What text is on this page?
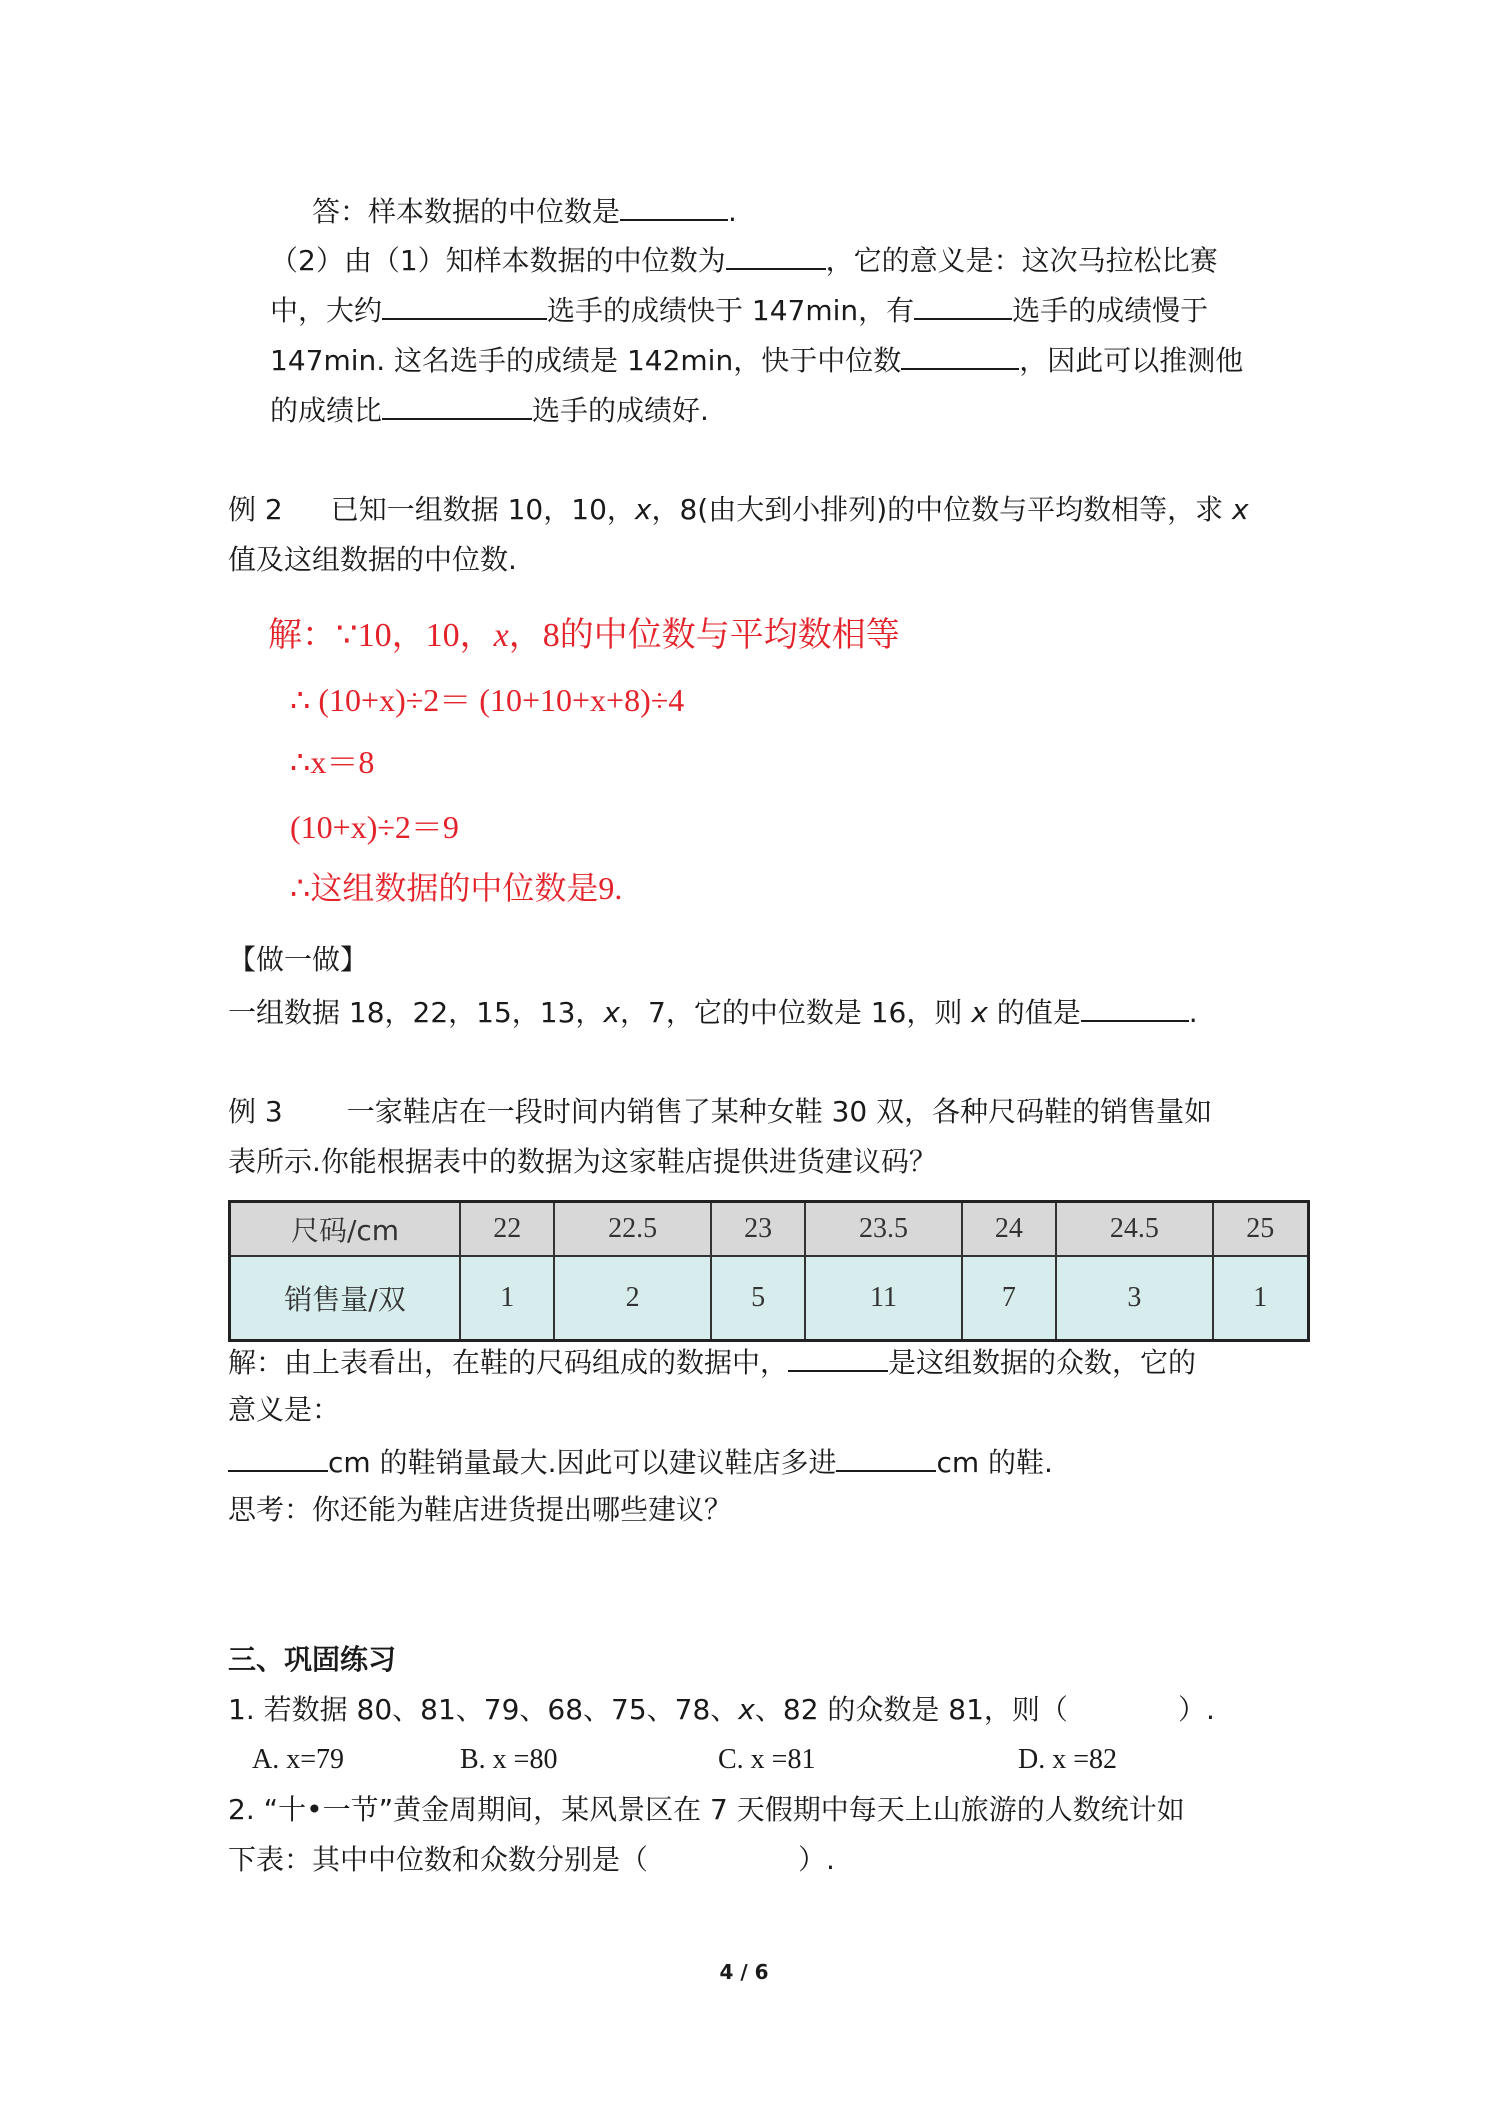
答：样本数据的中位数是	.
（2）由（1）知样本数据的中位数为	，它的意义是：这次马拉松比赛
中，大约	选手的成绩快于 147min，有	选手的成绩慢于
147min. 这名选手的成绩是 142min，快于中位数	，因此可以推测他
的成绩比	选手的成绩好.
例 2 已知一组数据 10，10，x，8(由大到小排列)的中位数与平均数相等，求 x
值及这组数据的中位数.
解：∵10，10，x，8的中位数与平均数相等
∴ (10+x)÷2＝ (10+10+x+8)÷4
∴x＝8
(10+x)÷2＝9
∴这组数据的中位数是9.
【做一做】
一组数据 18，22，15，13，x，7，它的中位数是 16，则 x 的值是	.
例 3 一家鞋店在一段时间内销售了某种女鞋 30 双，各种尺码鞋的销售量如
表所示.你能根据表中的数据为这家鞋店提供进货建议码？
尺码/cm	22	22.5	23	23.5	24	24.5	25
销售量/双	1	2	5	11	7	3	1
解：由上表看出，在鞋的尺码组成的数据中，	是这组数据的众数，它的
意义是：
cm 的鞋销量最大.因此可以建议鞋店多进	cm 的鞋.
思考：你还能为鞋店进货提出哪些建议？
三、巩固练习
1. 若数据 80、81、79、68、75、78、x、82 的众数是 81，则（	）.
A. x=79	B. x =80	C. x =81	D. x =82
2. “十•一节”黄金周期间，某风景区在 7 天假期中每天上山旅游的人数统计如
下表：其中中位数和众数分别是（	）.
4 / 6
